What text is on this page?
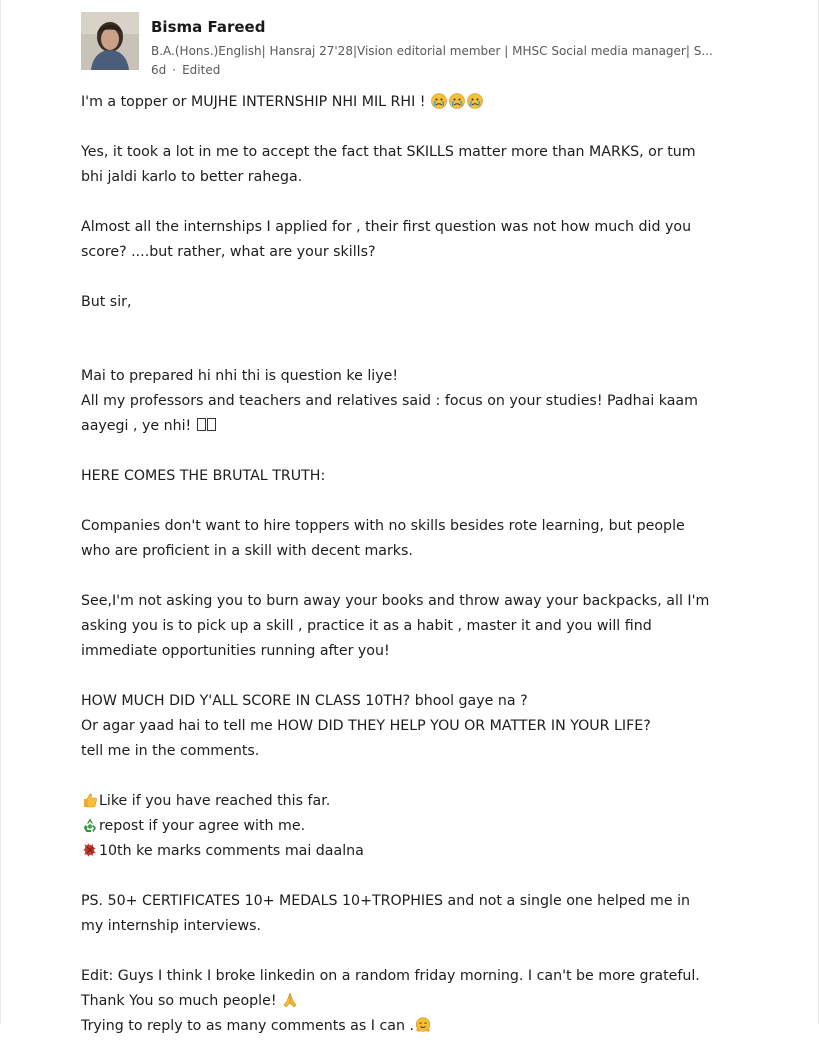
Bisma Fareed
B.A.(Hons.)English| Hansraj 27'28|Vision editorial member | MHSC Social media manager| S...
6d · Edited
I'm a topper or MUJHE INTERNSHIP NHI MIL RHI !
Yes, it took a lot in me to accept the fact that SKILLS matter more than MARKS, or tum
bhi jaldi karlo to better rahega.
Almost all the internships I applied for , their first question was not how much did you
score? ....but rather, what are your skills?
But sir,
Mai to prepared hi nhi thi is question ke liye!
All my professors and teachers and relatives said : focus on your studies! Padhai kaam
aayegi , ye nhi!
HERE COMES THE BRUTAL TRUTH:
Companies don't want to hire toppers with no skills besides rote learning, but people
who are proficient in a skill with decent marks.
See,I'm not asking you to burn away your books and throw away your backpacks, all I'm
asking you is to pick up a skill , practice it as a habit , master it and you will find
immediate opportunities running after you!
HOW MUCH DID Y'ALL SCORE IN CLASS 10TH? bhool gaye na ?
Or agar yaad hai to tell me HOW DID THEY HELP YOU OR MATTER IN YOUR LIFE?
tell me in the comments.
Like if you have reached this far.
repost if your agree with me.
10th ke marks comments mai daalna
PS. 50+ CERTIFICATES 10+ MEDALS 10+TROPHIES and not a single one helped me in
my internship interviews.
Edit: Guys I think I broke linkedin on a random friday morning. I can't be more grateful.
Thank You so much people!
Trying to reply to as many comments as I can .
